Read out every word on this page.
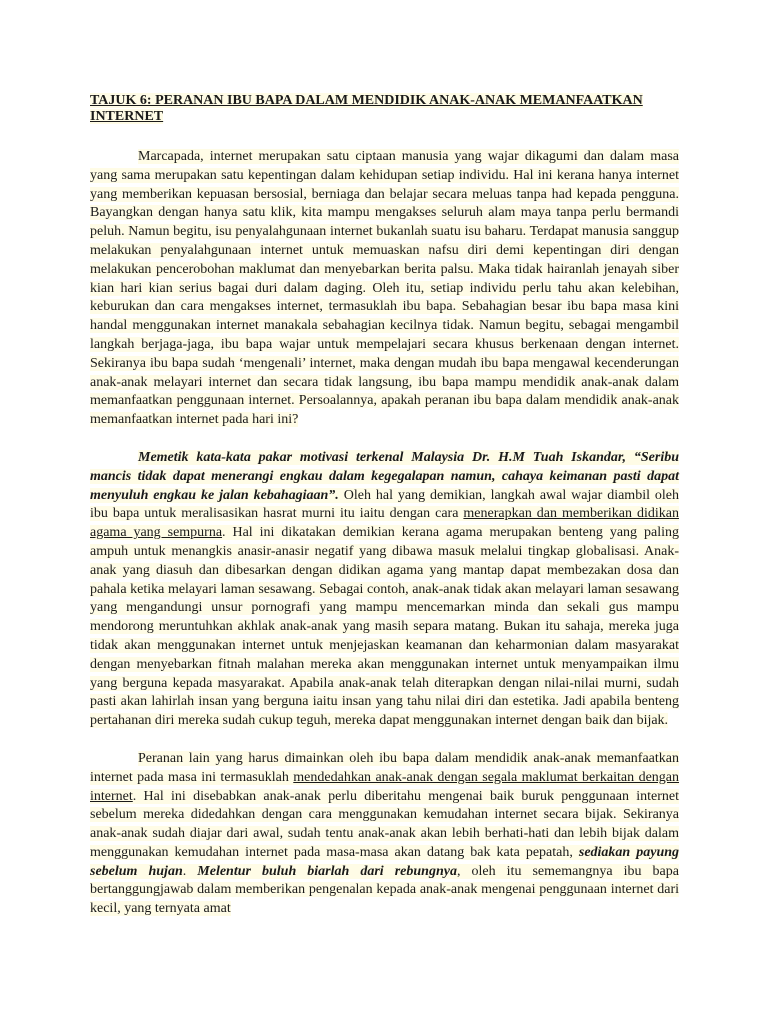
TAJUK 6: PERANAN IBU BAPA DALAM MENDIDIK ANAK-ANAK MEMANFAATKAN INTERNET

Marcapada, internet merupakan satu ciptaan manusia yang wajar dikagumi dan dalam masa yang sama merupakan satu kepentingan dalam kehidupan setiap individu. Hal ini kerana hanya internet yang memberikan kepuasan bersosial, berniaga dan belajar secara meluas tanpa had kepada pengguna. Bayangkan dengan hanya satu klik, kita mampu mengakses seluruh alam maya tanpa perlu bermandi peluh. Namun begitu, isu penyalahgunaan internet bukanlah suatu isu baharu. Terdapat manusia sanggup melakukan penyalahgunaan internet untuk memuaskan nafsu diri demi kepentingan diri dengan melakukan pencerobohan maklumat dan menyebarkan berita palsu. Maka tidak hairanlah jenayah siber kian hari kian serius bagai duri dalam daging. Oleh itu, setiap individu perlu tahu akan kelebihan, keburukan dan cara mengakses internet, termasuklah ibu bapa. Sebahagian besar ibu bapa masa kini handal menggunakan internet manakala sebahagian kecilnya tidak. Namun begitu, sebagai mengambil langkah berjaga-jaga, ibu bapa wajar untuk mempelajari secara khusus berkenaan dengan internet. Sekiranya ibu bapa sudah ‘mengenali’ internet, maka dengan mudah ibu bapa mengawal kecenderungan anak-anak melayari internet dan secara tidak langsung, ibu bapa mampu mendidik anak-anak dalam memanfaatkan penggunaan internet. Persoalannya, apakah peranan ibu bapa dalam mendidik anak-anak memanfaatkan internet pada hari ini?

Memetik kata-kata pakar motivasi terkenal Malaysia Dr. H.M Tuah Iskandar, “Seribu mancis tidak dapat menerangi engkau dalam kegegalapan namun, cahaya keimanan pasti dapat menyuluh engkau ke jalan kebahagiaan”. Oleh hal yang demikian, langkah awal wajar diambil oleh ibu bapa untuk meralisasikan hasrat murni itu iaitu dengan cara menerapkan dan memberikan didikan agama yang sempurna. Hal ini dikatakan demikian kerana agama merupakan benteng yang paling ampuh untuk menangkis anasir-anasir negatif yang dibawa masuk melalui tingkap globalisasi. Anak-anak yang diasuh dan dibesarkan dengan didikan agama yang mantap dapat membezakan dosa dan pahala ketika melayari laman sesawang. Sebagai contoh, anak-anak tidak akan melayari laman sesawang yang mengandungi unsur pornografi yang mampu mencemarkan minda dan sekali gus mampu mendorong meruntuhkan akhlak anak-anak yang masih separa matang. Bukan itu sahaja, mereka juga tidak akan menggunakan internet untuk menjejaskan keamanan dan keharmonian dalam masyarakat dengan menyebarkan fitnah malahan mereka akan menggunakan internet untuk menyampaikan ilmu yang berguna kepada masyarakat. Apabila anak-anak telah diterapkan dengan nilai-nilai murni, sudah pasti akan lahirlah insan yang berguna iaitu insan yang tahu nilai diri dan estetika. Jadi apabila benteng pertahanan diri mereka sudah cukup teguh, mereka dapat menggunakan internet dengan baik dan bijak.

Peranan lain yang harus dimainkan oleh ibu bapa dalam mendidik anak-anak memanfaatkan internet pada masa ini termasuklah mendedahkan anak-anak dengan segala maklumat berkaitan dengan internet. Hal ini disebabkan anak-anak perlu diberitahu mengenai baik buruk penggunaan internet sebelum mereka didedahkan dengan cara menggunakan kemudahan internet secara bijak. Sekiranya anak-anak sudah diajar dari awal, sudah tentu anak-anak akan lebih berhati-hati dan lebih bijak dalam menggunakan kemudahan internet pada masa-masa akan datang bak kata pepatah, sediakan payung sebelum hujan. Melentur buluh biarlah dari rebungnya, oleh itu sememangnya ibu bapa bertanggungjawab dalam memberikan pengenalan kepada anak-anak mengenai penggunaan internet dari kecil, yang ternyata amat
